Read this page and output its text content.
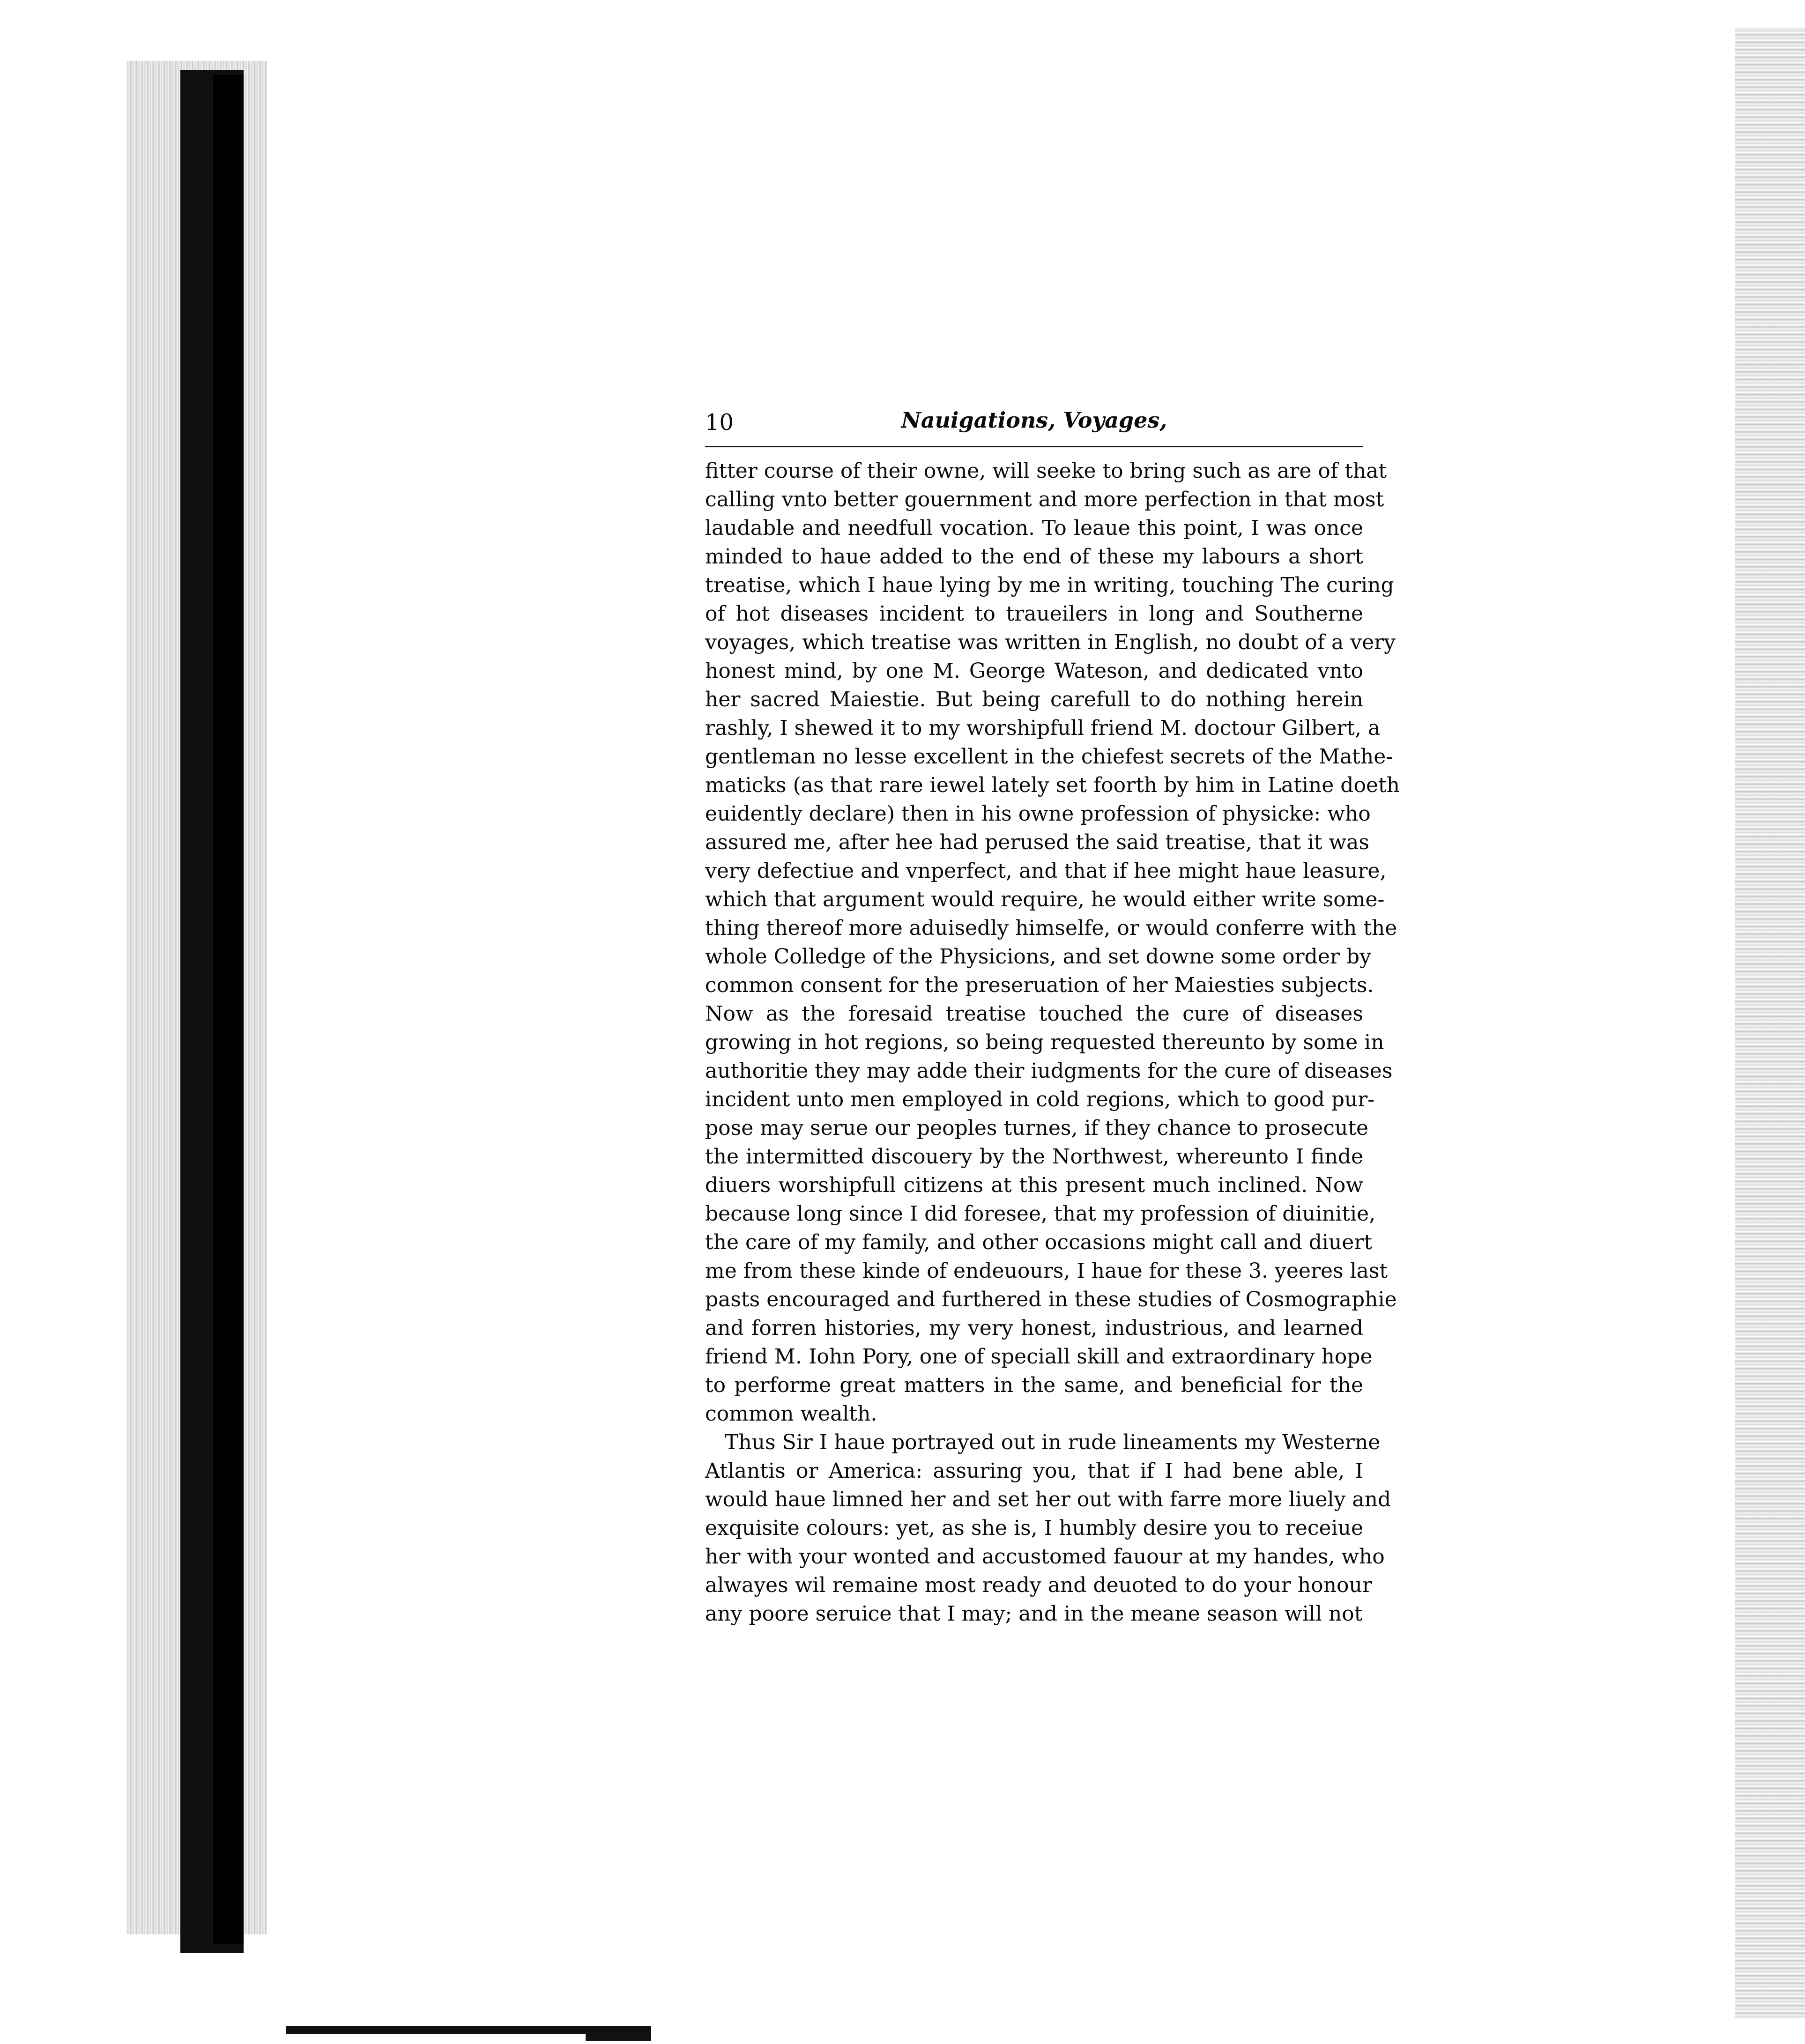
10	Nauigations, Voyages,
fitter course of their owne, will seeke to bring such as are of that
calling vnto better gouernment and more perfection in that most
laudable and needfull vocation. To leaue this point, I was once
minded to haue added to the end of these my labours a short
treatise, which I haue lying by me in writing, touching The curing
of hot diseases incident to traueilers in long and Southerne
voyages, which treatise was written in English, no doubt of a very
honest mind, by one M. George Wateson, and dedicated vnto
her sacred Maiestie. But being carefull to do nothing herein
rashly, I shewed it to my worshipfull friend M. doctour Gilbert, a
gentleman no lesse excellent in the chiefest secrets of the Mathe-
maticks (as that rare iewel lately set foorth by him in Latine doeth
euidently declare) then in his owne profession of physicke: who
assured me, after hee had perused the said treatise, that it was
very defectiue and vnperfect, and that if hee might haue leasure,
which that argument would require, he would either write some-
thing thereof more aduisedly himselfe, or would conferre with the
whole Colledge of the Physicions, and set downe some order by
common consent for the preseruation of her Maiesties subjects.
Now as the foresaid treatise touched the cure of diseases
growing in hot regions, so being requested thereunto by some in
authoritie they may adde their iudgments for the cure of diseases
incident unto men employed in cold regions, which to good pur-
pose may serue our peoples turnes, if they chance to prosecute
the intermitted discouery by the Northwest, whereunto I finde
diuers worshipfull citizens at this present much inclined. Now
because long since I did foresee, that my profession of diuinitie,
the care of my family, and other occasions might call and diuert
me from these kinde of endeuours, I haue for these 3. yeeres last
pasts encouraged and furthered in these studies of Cosmographie
and forren histories, my very honest, industrious, and learned
friend M. Iohn Pory, one of speciall skill and extraordinary hope
to performe great matters in the same, and beneficial for the
common wealth.
Thus Sir I haue portrayed out in rude lineaments my Westerne
Atlantis or America: assuring you, that if I had bene able, I
would haue limned her and set her out with farre more liuely and
exquisite colours: yet, as she is, I humbly desire you to receiue
her with your wonted and accustomed fauour at my handes, who
alwayes wil remaine most ready and deuoted to do your honour
any poore seruice that I may; and in the meane season will not
